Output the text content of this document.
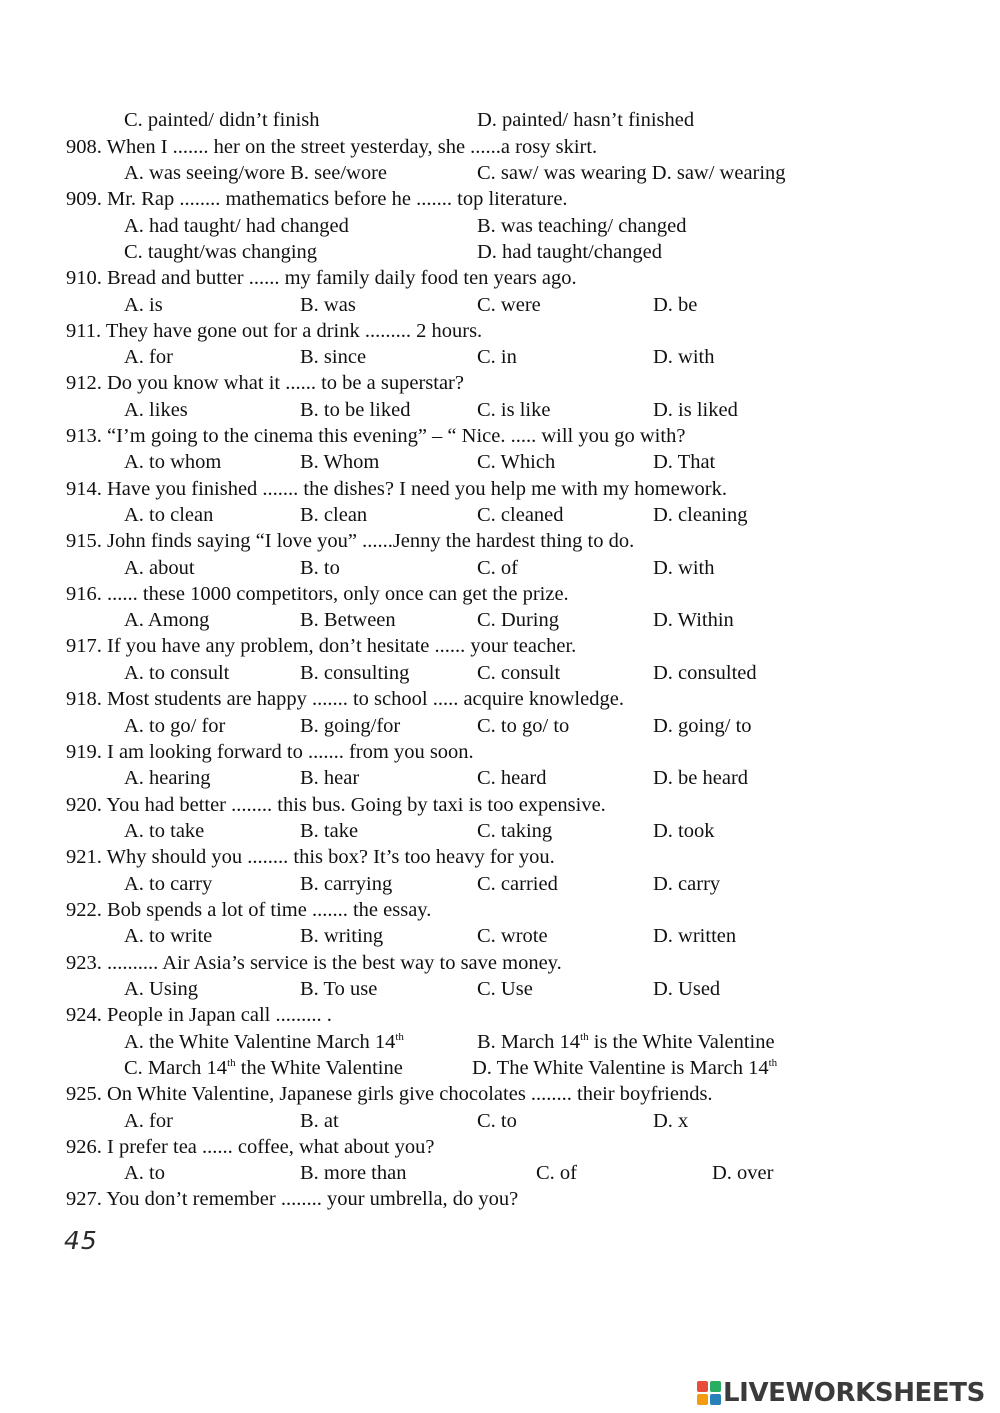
C. painted/ didn’t finish	D. painted/ hasn’t finished
908. When I ....... her on the street yesterday, she ......a rosy skirt.
A. was seeing/wore B. see/wore	C. saw/ was wearing D. saw/ wearing
909. Mr. Rap ........ mathematics before he ....... top literature.
A. had taught/ had changed	B. was teaching/ changed
C. taught/was changing	D. had taught/changed
910. Bread and butter ...... my family daily food ten years ago.
A. is	B. was	C. were	D. be
911. They have gone out for a drink ......... 2 hours.
A. for	B. since	C. in	D. with
912. Do you know what it ...... to be a superstar?
A. likes	B. to be liked	C. is like	D. is liked
913. “I’m going to the cinema this evening” – “ Nice. ..... will you go with?
A. to whom	B. Whom	C. Which	D. That
914. Have you finished ....... the dishes? I need you help me with my homework.
A. to clean	B. clean	C. cleaned	D. cleaning
915. John finds saying “I love you” ......Jenny the hardest thing to do.
A. about	B. to	C. of	D. with
916. ...... these 1000 competitors, only once can get the prize.
A. Among	B. Between	C. During	D. Within
917. If you have any problem, don’t hesitate ...... your teacher.
A. to consult	B. consulting	C. consult	D. consulted
918. Most students are happy ....... to school ..... acquire knowledge.
A. to go/ for	B. going/for	C. to go/ to	D. going/ to
919. I am looking forward to ....... from you soon.
A. hearing	B. hear	C. heard	D. be heard
920. You had better ........ this bus. Going by taxi is too expensive.
A. to take	B. take	C. taking	D. took
921. Why should you ........ this box? It’s too heavy for you.
A. to carry	B. carrying	C. carried	D. carry
922. Bob spends a lot of time ....... the essay.
A. to write	B. writing	C. wrote	D. written
923. .......... Air Asia’s service is the best way to save money.
A. Using	B. To use	C. Use	D. Used
924. People in Japan call ......... .
A. the White Valentine March 14th	B. March 14th is the White Valentine
C. March 14th the White Valentine	D. The White Valentine is March 14th
925. On White Valentine, Japanese girls give chocolates ........ their boyfriends.
A. for	B. at	C. to	D. x
926. I prefer tea ...... coffee, what about you?
A. to	B. more than	C. of	D. over
927. You don’t remember ........ your umbrella, do you?
45
LIVEWORKSHEETS
